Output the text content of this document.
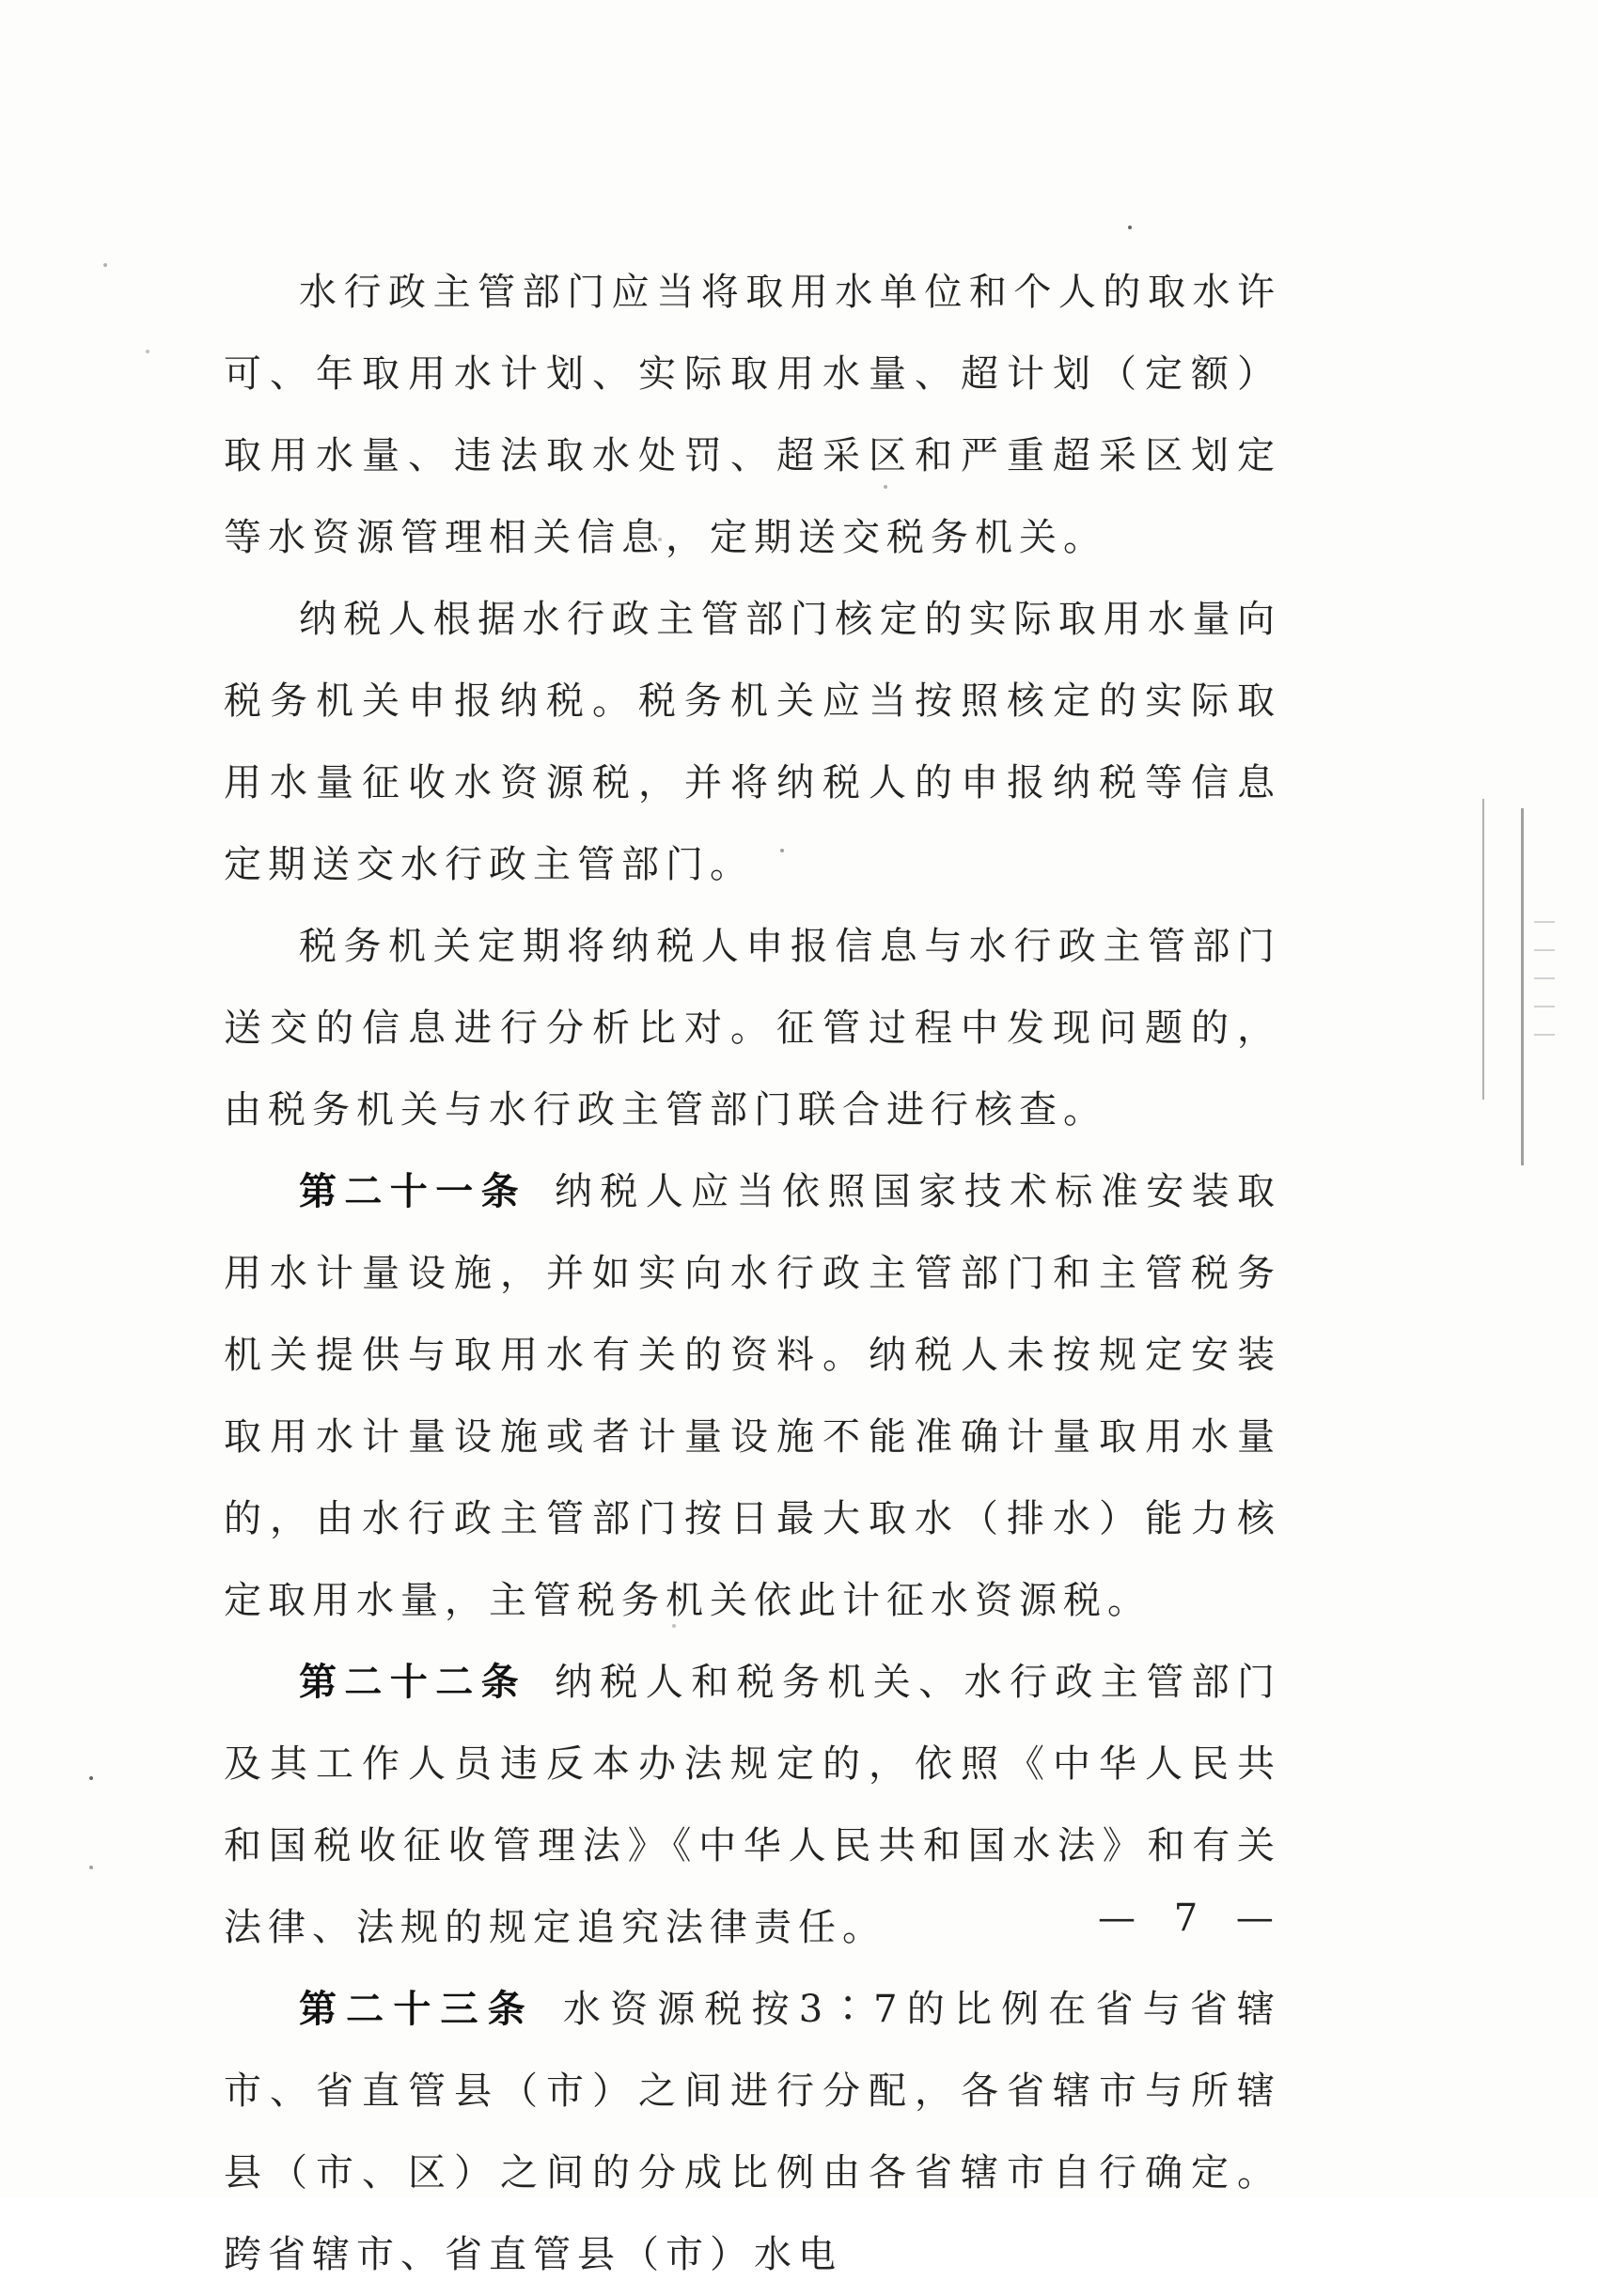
水行政主管部门应当将取用水单位和个人的取水许可、年取用水计划、实际取用水量、超计划（定额）取用水量、违法取水处罚、超采区和严重超采区划定等水资源管理相关信息，定期送交税务机关。

纳税人根据水行政主管部门核定的实际取用水量向税务机关申报纳税。税务机关应当按照核定的实际取用水量征收水资源税，并将纳税人的申报纳税等信息定期送交水行政主管部门。

税务机关定期将纳税人申报信息与水行政主管部门送交的信息进行分析比对。征管过程中发现问题的，由税务机关与水行政主管部门联合进行核查。

第二十一条 纳税人应当依照国家技术标准安装取用水计量设施，并如实向水行政主管部门和主管税务机关提供与取用水有关的资料。纳税人未按规定安装取用水计量设施或者计量设施不能准确计量取用水量的，由水行政主管部门按日最大取水（排水）能力核定取用水量，主管税务机关依此计征水资源税。

第二十二条 纳税人和税务机关、水行政主管部门及其工作人员违反本办法规定的，依照《中华人民共和国税收征收管理法》《中华人民共和国水法》和有关法律、法规的规定追究法律责任。

第二十三条 水资源税按3∶7的比例在省与省辖市、省直管县（市）之间进行分配，各省辖市与所辖县（市、区）之间的分成比例由各省辖市自行确定。跨省辖市、省直管县（市）水电

— 7 —
